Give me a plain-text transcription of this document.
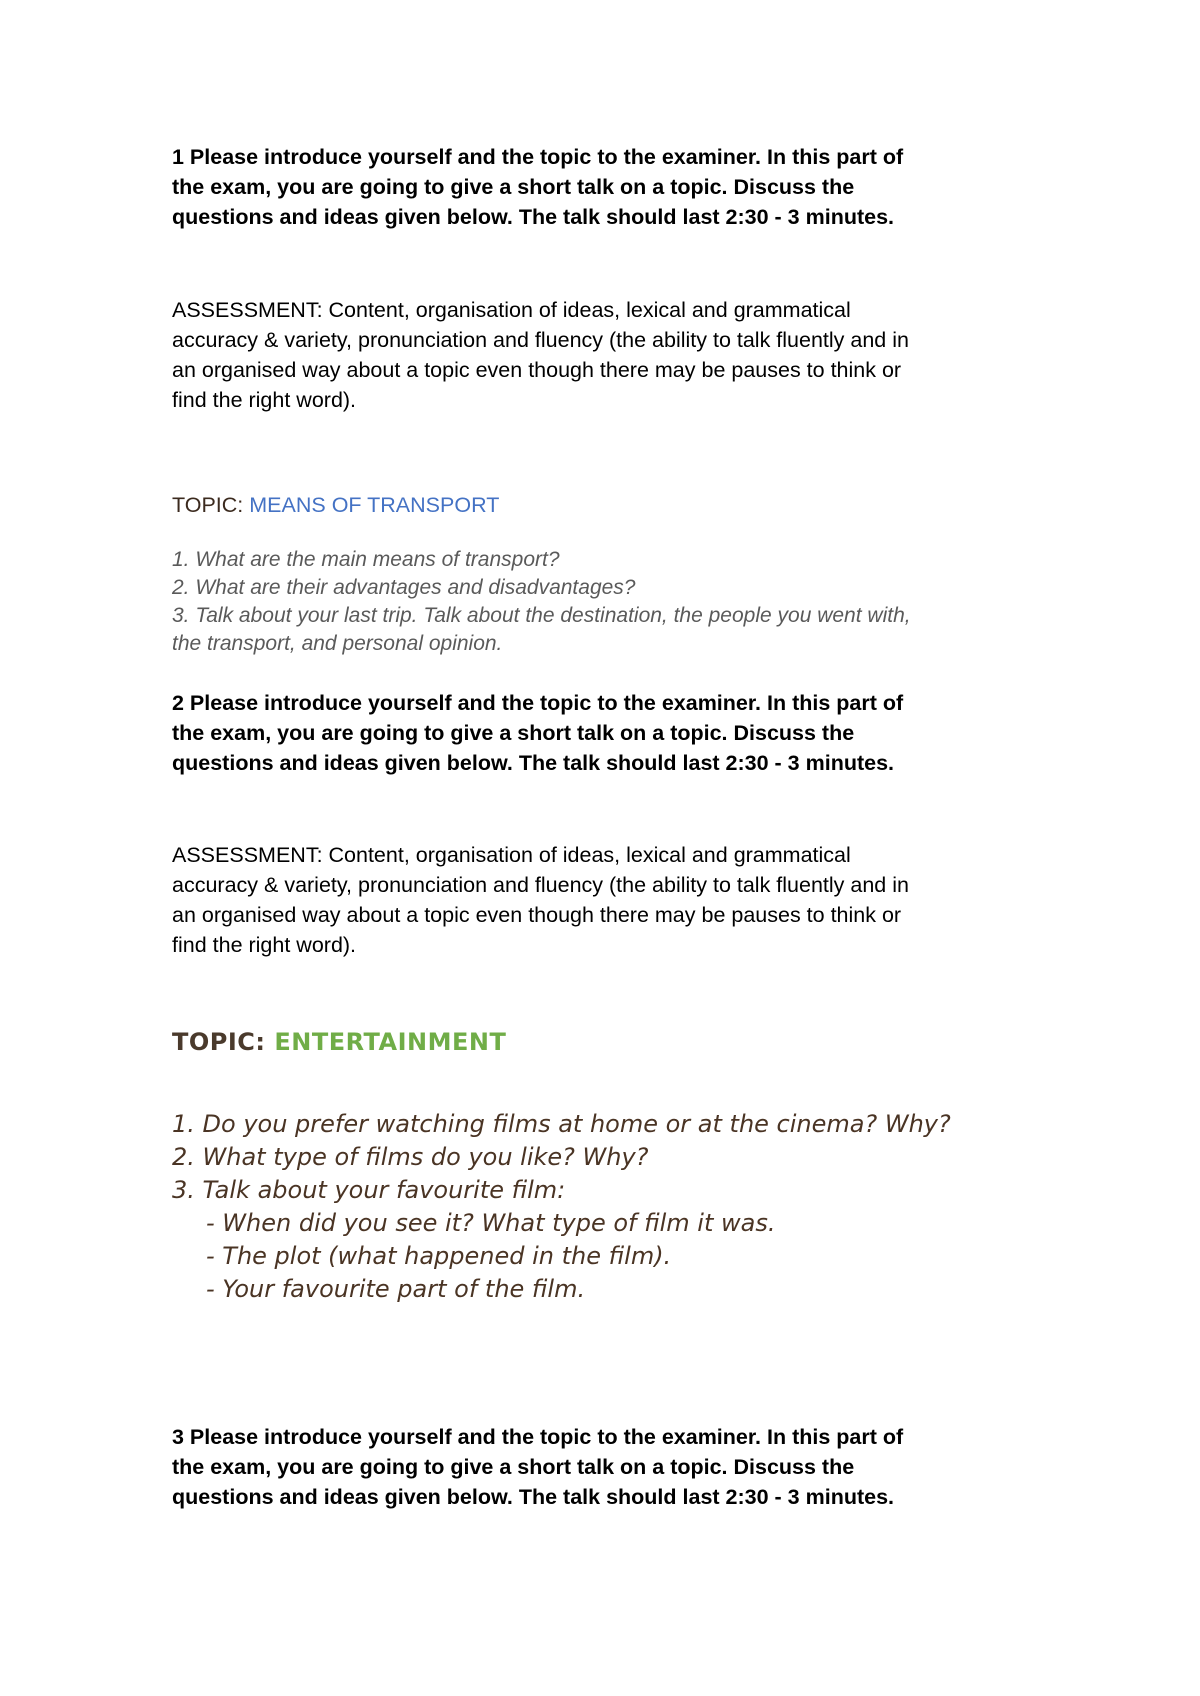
1 Please introduce yourself and the topic to the examiner. In this part of
the exam, you are going to give a short talk on a topic. Discuss the
questions and ideas given below. The talk should last 2:30 - 3 minutes.
ASSESSMENT: Content, organisation of ideas, lexical and grammatical
accuracy & variety, pronunciation and fluency (the ability to talk fluently and in
an organised way about a topic even though there may be pauses to think or
find the right word).
TOPIC: MEANS OF TRANSPORT
1. What are the main means of transport?
2. What are their advantages and disadvantages?
3. Talk about your last trip. Talk about the destination, the people you went with,
the transport, and personal opinion.
2 Please introduce yourself and the topic to the examiner. In this part of
the exam, you are going to give a short talk on a topic. Discuss the
questions and ideas given below. The talk should last 2:30 - 3 minutes.
ASSESSMENT: Content, organisation of ideas, lexical and grammatical
accuracy & variety, pronunciation and fluency (the ability to talk fluently and in
an organised way about a topic even though there may be pauses to think or
find the right word).
TOPIC: ENTERTAINMENT
1. Do you prefer watching films at home or at the cinema? Why?
2. What type of films do you like? Why?
3. Talk about your favourite film:
- When did you see it? What type of film it was.
- The plot (what happened in the film).
- Your favourite part of the film.
3 Please introduce yourself and the topic to the examiner. In this part of
the exam, you are going to give a short talk on a topic. Discuss the
questions and ideas given below. The talk should last 2:30 - 3 minutes.
